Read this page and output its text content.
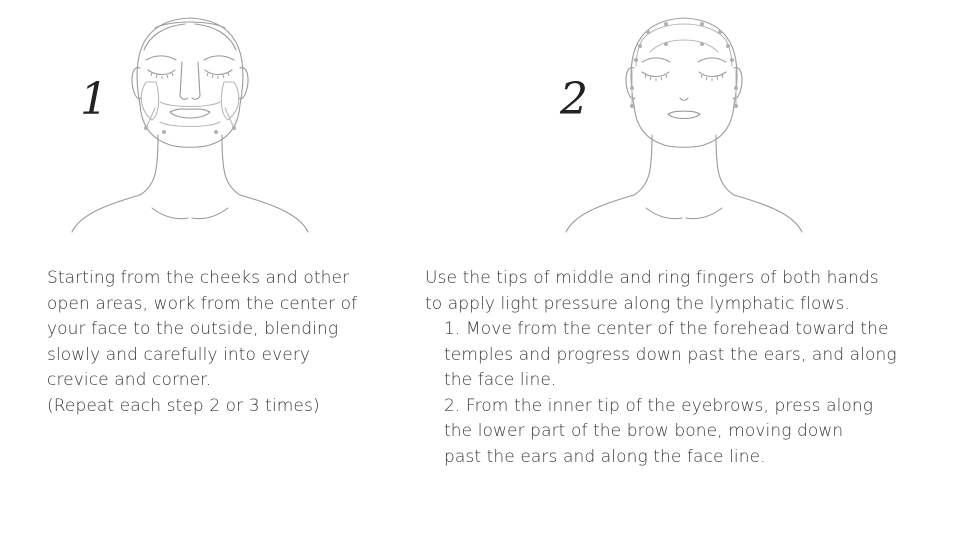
1
Starting from the cheeks and other
open areas, work from the center of
your face to the outside, blending
slowly and carefully into every
crevice and corner.
(Repeat each step 2 or 3 times)
2
Use the tips of middle and ring fingers of both hands
to apply light pressure along the lymphatic flows.
1. Move from the center of the forehead toward the
temples and progress down past the ears, and along
the face line.
2. From the inner tip of the eyebrows, press along
the lower part of the brow bone, moving down
past the ears and along the face line.
